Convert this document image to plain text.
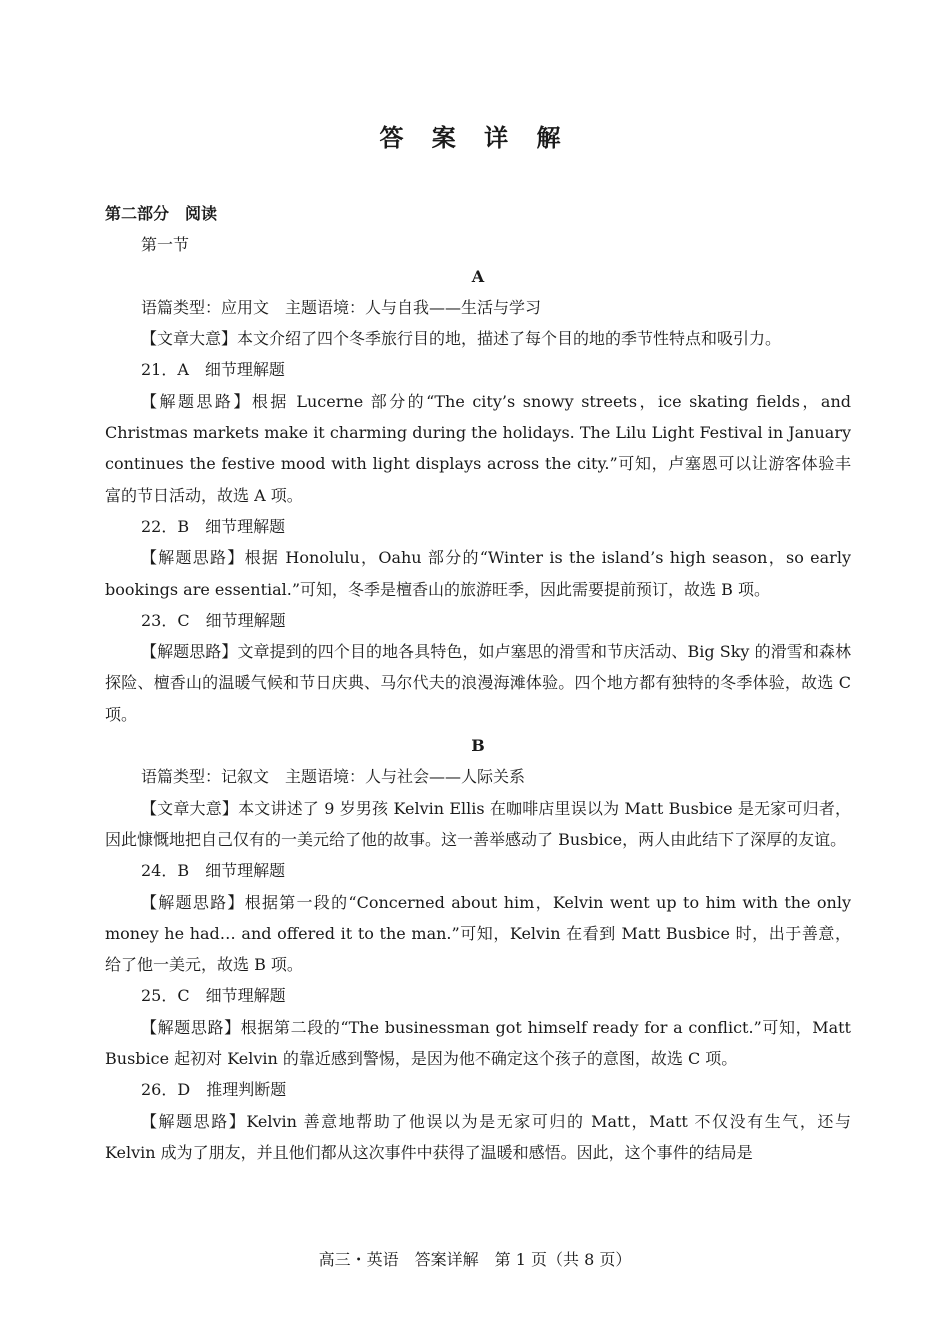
答 案 详 解

第二部分　阅读

第一节

A

语篇类型：应用文　主题语境：人与自我——生活与学习

【文章大意】本文介绍了四个冬季旅行目的地，描述了每个目的地的季节性特点和吸引力。

21．A　细节理解题

【解题思路】根据 Lucerne 部分的“The city’s snowy streets，ice skating fields，and Christmas markets make it charming during the holidays. The Lilu Light Festival in January continues the festive mood with light displays across the city.”可知，卢塞恩可以让游客体验丰富的节日活动，故选 A 项。

22．B　细节理解题

【解题思路】根据 Honolulu，Oahu 部分的“Winter is the island’s high season，so early bookings are essential.”可知，冬季是檀香山的旅游旺季，因此需要提前预订，故选 B 项。

23．C　细节理解题

【解题思路】文章提到的四个目的地各具特色，如卢塞思的滑雪和节庆活动、Big Sky 的滑雪和森林探险、檀香山的温暖气候和节日庆典、马尔代夫的浪漫海滩体验。四个地方都有独特的冬季体验，故选 C 项。

B

语篇类型：记叙文　主题语境：人与社会——人际关系

【文章大意】本文讲述了 9 岁男孩 Kelvin Ellis 在咖啡店里误以为 Matt Busbice 是无家可归者，因此慷慨地把自己仅有的一美元给了他的故事。这一善举感动了 Busbice，两人由此结下了深厚的友谊。

24．B　细节理解题

【解题思路】根据第一段的“Concerned about him，Kelvin went up to him with the only money he had… and offered it to the man.”可知，Kelvin 在看到 Matt Busbice 时，出于善意，给了他一美元，故选 B 项。

25．C　细节理解题

【解题思路】根据第二段的“The businessman got himself ready for a conflict.”可知，Matt Busbice 起初对 Kelvin 的靠近感到警惕，是因为他不确定这个孩子的意图，故选 C 项。

26．D　推理判断题

【解题思路】Kelvin 善意地帮助了他误以为是无家可归的 Matt，Matt 不仅没有生气，还与 Kelvin 成为了朋友，并且他们都从这次事件中获得了温暖和感悟。因此，这个事件的结局是

高三・英语　答案详解　第 1 页（共 8 页）
